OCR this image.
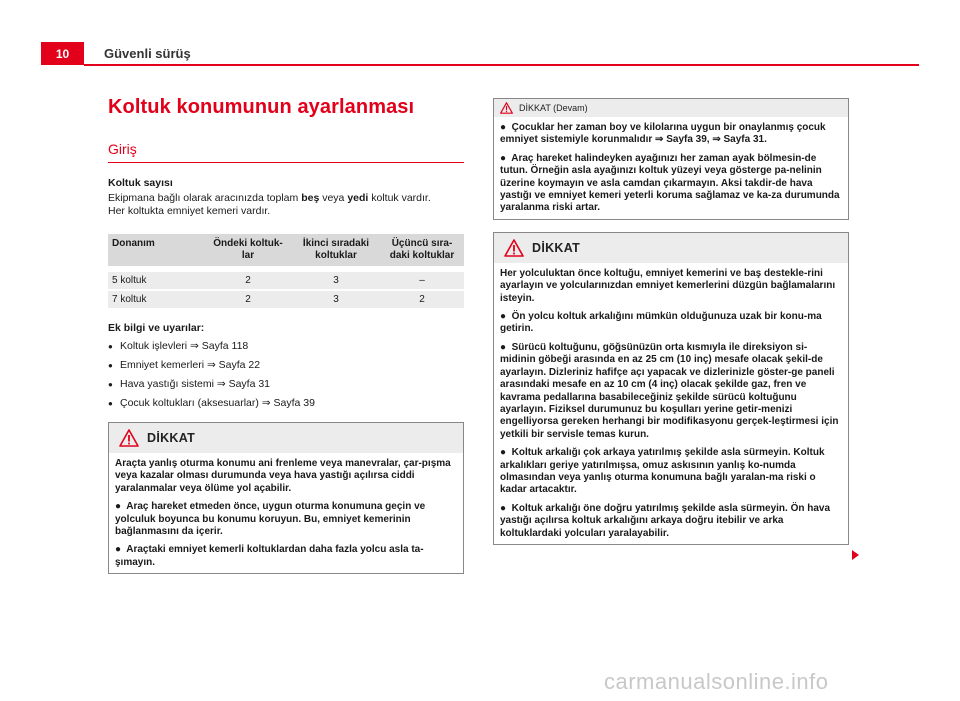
10	Güvenli sürüş
Koltuk konumunun ayarlanması
Giriş
Koltuk sayısı
Ekipmana bağlı olarak aracınızda toplam beş veya yedi koltuk vardır.
Her koltukta emniyet kemeri vardır.
Donanım	Öndeki koltuk-lar	İkinci sıradaki koltuklar	Üçüncü sıra-daki koltuklar
5 koltuk	2	3	–
7 koltuk	2	3	2
Ek bilgi ve uyarılar:
● Koltuk işlevleri ⇒ Sayfa 118
● Emniyet kemerleri ⇒ Sayfa 22
● Hava yastığı sistemi ⇒ Sayfa 31
● Çocuk koltukları (aksesuarlar) ⇒ Sayfa 39
DİKKAT

Araçta yanlış oturma konumu ani frenleme veya manevralar, çar-pışma veya kazalar olması durumunda veya hava yastığı açılırsa ciddi yaralanmalar veya ölüme yol açabilir.

● Araç hareket etmeden önce, uygun oturma konumuna geçin ve yolculuk boyunca bu konumu koruyun. Bu, emniyet kemerinin bağlanmasını da içerir.

● Araçtaki emniyet kemerli koltuklardan daha fazla yolcu asla ta-şımayın.

DİKKAT (Devam)

● Çocuklar her zaman boy ve kilolarına uygun bir onaylanmış çocuk emniyet sistemiyle korunmalıdır ⇒ Sayfa 39, ⇒ Sayfa 31.

● Araç hareket halindeyken ayağınızı her zaman ayak bölmesin-de tutun. Örneğin asla ayağınızı koltuk yüzeyi veya gösterge pa-nelinin üzerine koymayın ve asla camdan çıkarmayın. Aksi takdir-de hava yastığı ve emniyet kemeri yeterli koruma sağlamaz ve ka-za durumunda yaralanma riski artar.

DİKKAT

Her yolculuktan önce koltuğu, emniyet kemerini ve baş destekle-rini ayarlayın ve yolcularınızdan emniyet kemerlerini düzgün bağlamalarını isteyin.

● Ön yolcu koltuk arkalığını mümkün olduğunuza uzak bir konu-ma getirin.

● Sürücü koltuğunu, göğsünüzün orta kısmıyla ile direksiyon si-midinin göbeği arasında en az 25 cm (10 inç) mesafe olacak şekil-de ayarlayın. Dizleriniz hafifçe açı yapacak ve dizlerinizle göster-ge paneli arasındaki mesafe en az 10 cm (4 inç) olacak şekilde gaz, fren ve kavrama pedallarına basabileceğiniz şekilde sürücü koltuğunu ayarlayın. Fiziksel durumunuz bu koşulları yerine getir-menizi engelliyorsa gereken herhangi bir modifikasyonu gerçek-leştirmesi için yetkili bir servisle temas kurun.

● Koltuk arkalığı çok arkaya yatırılmış şekilde asla sürmeyin. Koltuk arkalıkları geriye yatırılmışsa, omuz askısının yanlış ko-numda olmasından veya yanlış oturma konumuna bağlı yaralan-ma riski o kadar artacaktır.

● Koltuk arkalığı öne doğru yatırılmış şekilde asla sürmeyin. Ön hava yastığı açılırsa koltuk arkalığını arkaya doğru itebilir ve arka koltuklardaki yolcuları yaralayabilir.

carmanualsonline.info
